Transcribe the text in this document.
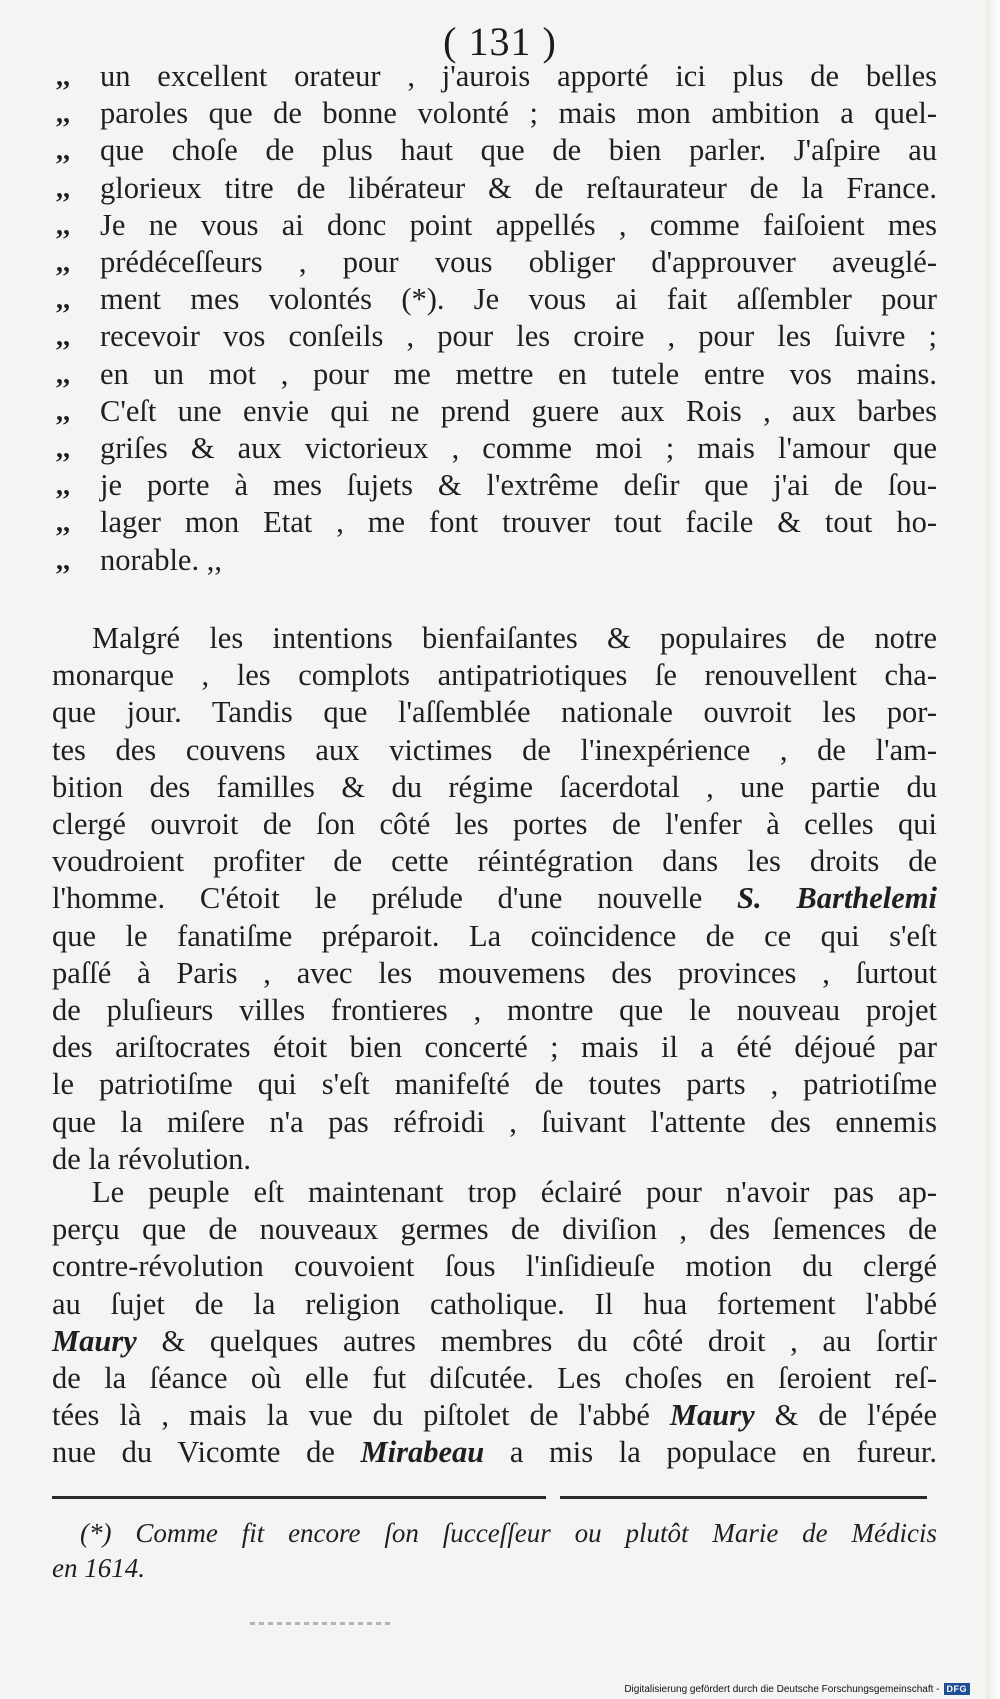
( 131 )
,, un excellent orateur , j'aurois apporté ici plus de belles
,, paroles que de bonne volonté ; mais mon ambition a quel-
,, que choſe de plus haut que de bien parler. J'aſpire au
,, glorieux titre de libérateur & de reſtaurateur de la France.
,, Je ne vous ai donc point appellés , comme faiſoient mes
,, prédéceſſeurs , pour vous obliger d'approuver aveuglé-
,, ment mes volontés (*). Je vous ai fait aſſembler pour
,, recevoir vos conſeils , pour les croire , pour les ſuivre ;
,, en un mot , pour me mettre en tutele entre vos mains.
,, C'eſt une envie qui ne prend guere aux Rois , aux barbes
,, griſes & aux victorieux , comme moi ; mais l'amour que
,, je porte à mes ſujets & l'extrême deſir que j'ai de ſou-
,, lager mon Etat , me font trouver tout facile & tout ho-
,, norable. ,,
Malgré les intentions bienfaiſantes & populaires de notre
monarque , les complots antipatriotiques ſe renouvellent cha-
que jour. Tandis que l'aſſemblée nationale ouvroit les por-
tes des couvens aux victimes de l'inexpérience , de l'am-
bition des familles & du régime ſacerdotal , une partie du
clergé ouvroit de ſon côté les portes de l'enfer à celles qui
voudroient profiter de cette réintégration dans les droits de
l'homme. C'étoit le prélude d'une nouvelle S. Barthelemi
que le fanatiſme préparoit. La coïncidence de ce qui s'eſt
paſſé à Paris , avec les mouvemens des provinces , ſurtout
de pluſieurs villes frontieres , montre que le nouveau projet
des ariſtocrates étoit bien concerté ; mais il a été déjoué par
le patriotiſme qui s'eſt manifeſté de toutes parts , patriotiſme
que la miſere n'a pas réfroidi , ſuivant l'attente des ennemis
de la révolution.
Le peuple eſt maintenant trop éclairé pour n'avoir pas ap-
perçu que de nouveaux germes de diviſion , des ſemences de
contre-révolution couvoient ſous l'inſidieuſe motion du clergé
au ſujet de la religion catholique. Il hua fortement l'abbé
Maury & quelques autres membres du côté droit , au ſortir
de la ſéance où elle fut diſcutée. Les choſes en ſeroient reſ-
tées là , mais la vue du piſtolet de l'abbé Maury & de l'épée
nue du Vicomte de Mirabeau a mis la populace en fureur.
(*) Comme fit encore ſon ſucceſſeur ou plutôt Marie de Médicis
en 1614.
Digitalisierung gefördert durch die Deutsche Forschungsgemeinschaft - DFG
